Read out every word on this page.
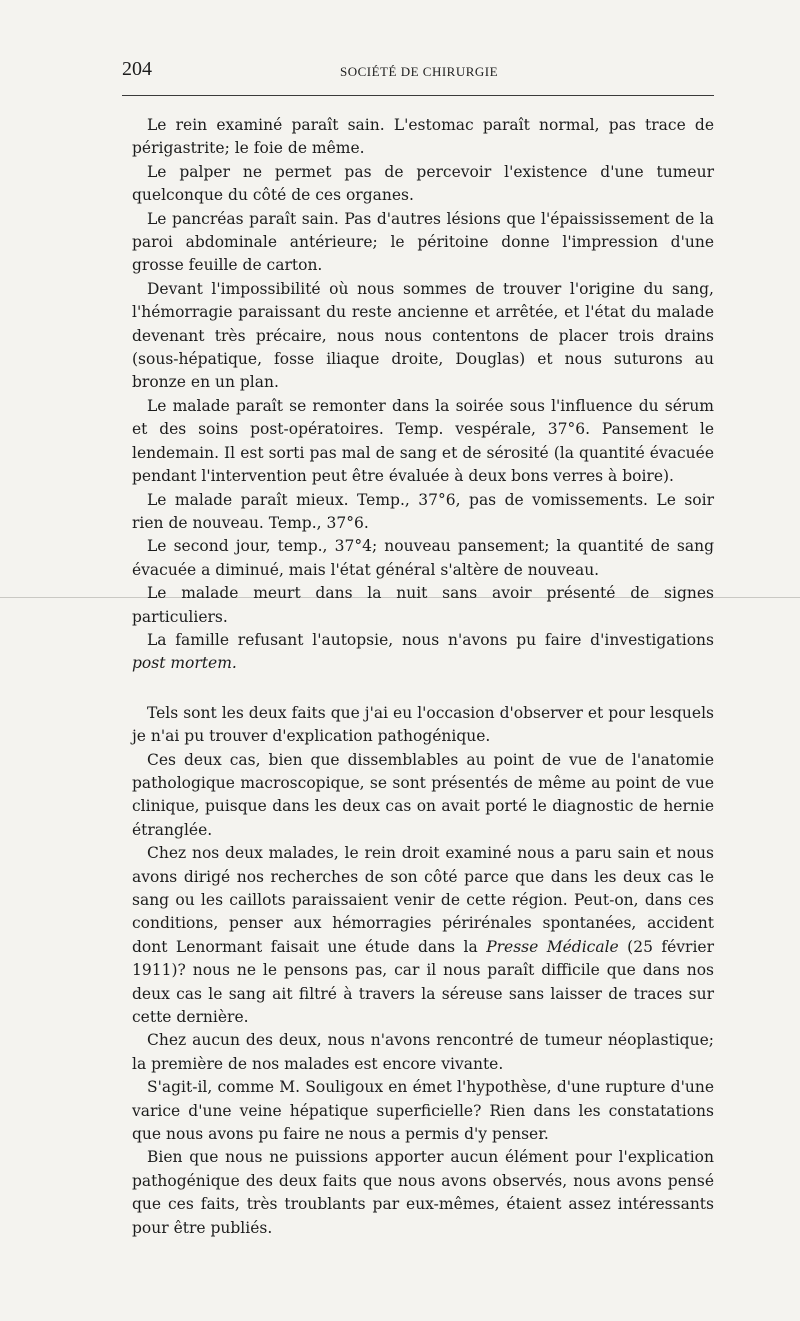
204	SOCIÉTÉ DE CHIRURGIE

Le rein examiné paraît sain. L'estomac paraît normal, pas trace de périgastrite; le foie de même.

Le palper ne permet pas de percevoir l'existence d'une tumeur quelconque du côté de ces organes.

Le pancréas paraît sain. Pas d'autres lésions que l'épaississement de la paroi abdominale antérieure; le péritoine donne l'impression d'une grosse feuille de carton.

Devant l'impossibilité où nous sommes de trouver l'origine du sang, l'hémorragie paraissant du reste ancienne et arrêtée, et l'état du malade devenant très précaire, nous nous contentons de placer trois drains (sous-hépatique, fosse iliaque droite, Douglas) et nous suturons au bronze en un plan.

Le malade paraît se remonter dans la soirée sous l'influence du sérum et des soins post-opératoires. Temp. vespérale, 37°6. Pansement le lendemain. Il est sorti pas mal de sang et de sérosité (la quantité évacuée pendant l'intervention peut être évaluée à deux bons verres à boire).

Le malade paraît mieux. Temp., 37°6, pas de vomissements. Le soir rien de nouveau. Temp., 37°6.

Le second jour, temp., 37°4; nouveau pansement; la quantité de sang évacuée a diminué, mais l'état général s'altère de nouveau.

Le malade meurt dans la nuit sans avoir présenté de signes particuliers.

La famille refusant l'autopsie, nous n'avons pu faire d'investigations post mortem.

Tels sont les deux faits que j'ai eu l'occasion d'observer et pour lesquels je n'ai pu trouver d'explication pathogénique.

Ces deux cas, bien que dissemblables au point de vue de l'anatomie pathologique macroscopique, se sont présentés de même au point de vue clinique, puisque dans les deux cas on avait porté le diagnostic de hernie étranglée.

Chez nos deux malades, le rein droit examiné nous a paru sain et nous avons dirigé nos recherches de son côté parce que dans les deux cas le sang ou les caillots paraissaient venir de cette région. Peut-on, dans ces conditions, penser aux hémorragies périrénales spontanées, accident dont Lenormant faisait une étude dans la Presse Médicale (25 février 1911)? nous ne le pensons pas, car il nous paraît difficile que dans nos deux cas le sang ait filtré à travers la séreuse sans laisser de traces sur cette dernière.

Chez aucun des deux, nous n'avons rencontré de tumeur néoplastique; la première de nos malades est encore vivante.

S'agit-il, comme M. Souligoux en émet l'hypothèse, d'une rupture d'une varice d'une veine hépatique superficielle? Rien dans les constatations que nous avons pu faire ne nous a permis d'y penser.

Bien que nous ne puissions apporter aucun élément pour l'explication pathogénique des deux faits que nous avons observés, nous avons pensé que ces faits, très troublants par eux-mêmes, étaient assez intéressants pour être publiés.
